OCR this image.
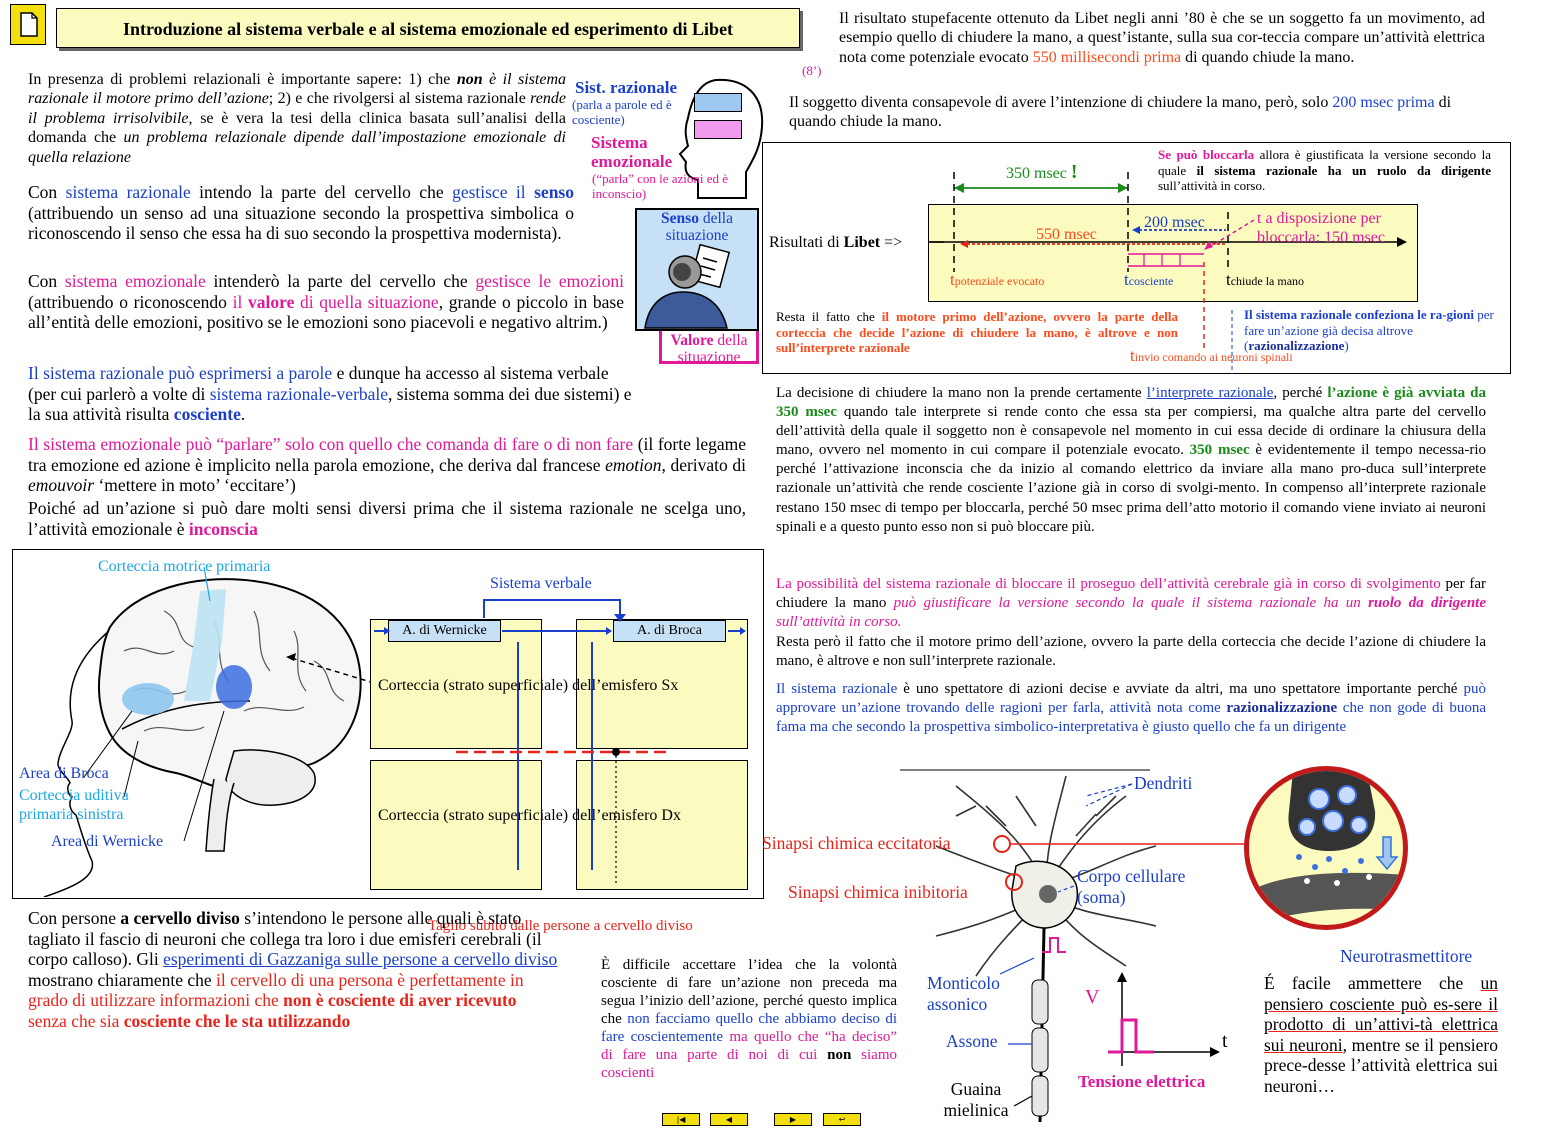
Introduzione al sistema verbale e al sistema emozionale ed esperimento di Libet
In presenza di problemi relazionali è importante sapere: 1) che non è il sistema razionale il motore primo dell’azione; 2) e che rivolgersi al sistema razionale rende il problema irrisolvibile, se è vera la tesi della clinica basata sull’analisi della domanda che un problema relazionale dipende dall’impostazione emozionale di quella relazione
Sist. razionale
(parla a parole ed è cosciente)
Sistema emozionale
(“parla” con le azioni ed è inconscio)
Senso della situazione
Valore della situazione
Con sistema razionale intendo la parte del cervello che gestisce il senso (attribuendo un senso ad una situazione secondo la prospettiva simbolica o riconoscendo il senso che essa ha di suo secondo la prospettiva modernista).
Con sistema emozionale intenderò la parte del cervello che gestisce le emozioni (attribuendo o riconoscendo il valore di quella situazione, grande o piccolo in base all’entità delle emozioni, positivo se le emozioni sono piacevoli e negativo altrim.)
Il sistema razionale può esprimersi a parole e dunque ha accesso al sistema verbale (per cui parlerò a volte di sistema razionale-verbale, sistema somma dei due sistemi) e la sua attività risulta cosciente.
Il sistema emozionale può “parlare” solo con quello che comanda di fare o di non fare (il forte legame tra emozione ed azione è implicito nella parola emozione, che deriva dal francese emotion, derivato di emouvoir ‘mettere in moto’ ‘eccitare’)
Poiché ad un’azione si può dare molti sensi diversi prima che il sistema razionale ne scelga uno, l’attività emozionale è inconscia
Corteccia motrice primaria
Area di Broca
Corteccia uditiva primaria sinistra
Area di Wernicke
A. di Wernicke	A. di Broca
Sistema verbale
Corteccia (strato superficiale) dell’emisfero Sx
Corteccia (strato superficiale) dell’emisfero Dx
Taglio subito dalle persone a cervello diviso
Con persone a cervello diviso s’intendono le persone alle quali è stato tagliato il fascio di neuroni che collega tra loro i due emisferi cerebrali (il corpo calloso). Gli esperimenti di Gazzaniga sulle persone a cervello diviso mostrano chiaramente che il cervello di una persona è perfettamente in grado di utilizzare informazioni che non è cosciente di aver ricevuto senza che sia cosciente che le sta utilizzando
È difficile accettare l’idea che la volontà cosciente di fare un’azione non preceda ma segua l’inizio dell’azione, perché questo implica che non facciamo quello che abbiamo deciso di fare coscientemente ma quello che “ha deciso” di fare una parte di noi di cui non siamo coscienti
|◀	◀	▶	↩
Il risultato stupefacente ottenuto da Libet negli anni ’80 è che se un soggetto fa un movimento, ad esempio quello di chiudere la mano, a quest’istante, sulla sua cor-teccia compare un’attività elettrica nota come potenziale evocato 550 millisecondi prima di quando chiude la mano.
(8’)
Il soggetto diventa consapevole di avere l’intenzione di chiudere la mano, però, solo 200 msec prima di quando chiude la mano.
350 msec !
Se può bloccarla allora è giustificata la versione secondo la quale il sistema razionale ha un ruolo da dirigente sull’attività in corso.
Risultati di Libet =>
200 msec
550 msec
t a disposizione per bloccarla: 150 msec
tpotenziale evocato	tcosciente	tchiude la mano
tinvio comando ai neuroni spinali
Resta il fatto che il motore primo dell’azione, ovvero la parte della corteccia che decide l’azione di chiudere la mano, è altrove e non sull’interprete razionale
Il sistema razionale confeziona le ra-gioni per fare un’azione già decisa altrove (razionalizzazione)
La decisione di chiudere la mano non la prende certamente l’interprete razionale, perché l’azione è già avviata da 350 msec quando tale interprete si rende conto che essa sta per compiersi, ma qualche altra parte del cervello dell’attività della quale il soggetto non è consapevole nel momento in cui essa decide di ordinare la chiusura della mano, ovvero nel momento in cui compare il potenziale evocato. 350 msec è evidentemente il tempo necessa-rio perché l’attivazione inconscia che da inizio al comando elettrico da inviare alla mano pro-duca sull’interprete razionale un’attività che rende cosciente l’azione già in corso di svolgi-mento. In compenso all’interprete razionale restano 150 msec di tempo per bloccarla, perché 50 msec prima dell’atto motorio il comando viene inviato ai neuroni spinali e a questo punto esso non si può bloccare più.
La possibilità del sistema razionale di bloccare il proseguo dell’attività cerebrale già in corso di svolgimento per far chiudere la mano può giustificare la versione secondo la quale il sistema razionale ha un ruolo da dirigente sull’attività in corso.
Resta però il fatto che il motore primo dell’azione, ovvero la parte della corteccia che decide l’azione di chiudere la mano, è altrove e non sull’interprete razionale.
Il sistema razionale è uno spettatore di azioni decise e avviate da altri, ma uno spettatore importante perché può approvare un’azione trovando delle ragioni per farla, attività nota come razionalizzazione che non gode di buona fama ma che secondo la prospettiva simbolico-interpretativa è giusto quello che fa un dirigente
Dendriti
Sinapsi chimica eccitatoria
Sinapsi chimica inibitoria
Corpo cellulare (soma)
Monticolo assonico
Assone
Guaina mielinica
V
t
Tensione elettrica
Neurotrasmettitore
É facile ammettere che un pensiero cosciente può es-sere il prodotto di un’attivi-tà elettrica sui neuroni, mentre se il pensiero prece-desse l’attività elettrica sui neuroni…
